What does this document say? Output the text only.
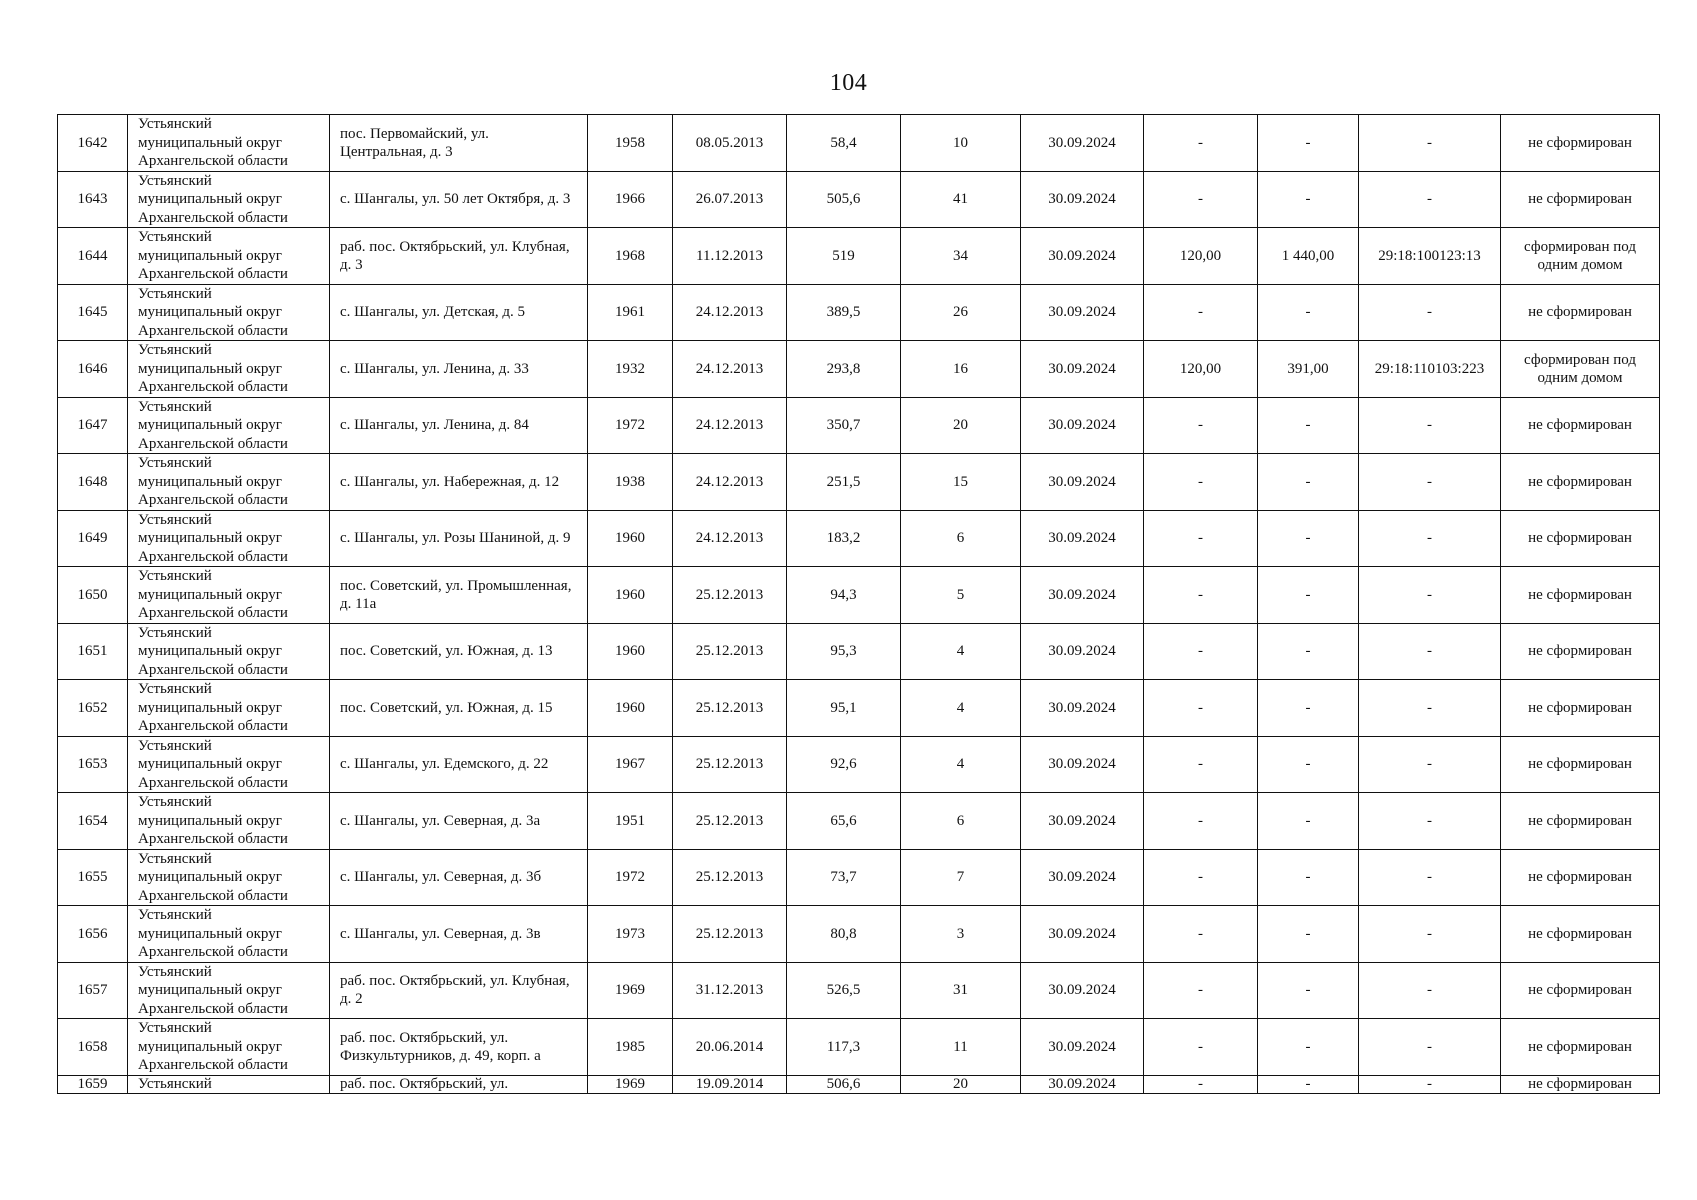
104
1642	Устьянский муниципальный округ Архангельской области	пос. Первомайский, ул. Центральная, д. 3	1958	08.05.2013	58,4	10	30.09.2024	-	-	-	не сформирован
1643	Устьянский муниципальный округ Архангельской области	с. Шангалы, ул. 50 лет Октября, д. 3	1966	26.07.2013	505,6	41	30.09.2024	-	-	-	не сформирован
1644	Устьянский муниципальный округ Архангельской области	раб. пос. Октябрьский, ул. Клубная, д. 3	1968	11.12.2013	519	34	30.09.2024	120,00	1 440,00	29:18:100123:13	сформирован под одним домом
1645	Устьянский муниципальный округ Архангельской области	с. Шангалы, ул. Детская, д. 5	1961	24.12.2013	389,5	26	30.09.2024	-	-	-	не сформирован
1646	Устьянский муниципальный округ Архангельской области	с. Шангалы, ул. Ленина, д. 33	1932	24.12.2013	293,8	16	30.09.2024	120,00	391,00	29:18:110103:223	сформирован под одним домом
1647	Устьянский муниципальный округ Архангельской области	с. Шангалы, ул. Ленина, д. 84	1972	24.12.2013	350,7	20	30.09.2024	-	-	-	не сформирован
1648	Устьянский муниципальный округ Архангельской области	с. Шангалы, ул. Набережная, д. 12	1938	24.12.2013	251,5	15	30.09.2024	-	-	-	не сформирован
1649	Устьянский муниципальный округ Архангельской области	с. Шангалы, ул. Розы Шаниной, д. 9	1960	24.12.2013	183,2	6	30.09.2024	-	-	-	не сформирован
1650	Устьянский муниципальный округ Архангельской области	пос. Советский, ул. Промышленная, д. 11а	1960	25.12.2013	94,3	5	30.09.2024	-	-	-	не сформирован
1651	Устьянский муниципальный округ Архангельской области	пос. Советский, ул. Южная, д. 13	1960	25.12.2013	95,3	4	30.09.2024	-	-	-	не сформирован
1652	Устьянский муниципальный округ Архангельской области	пос. Советский, ул. Южная, д. 15	1960	25.12.2013	95,1	4	30.09.2024	-	-	-	не сформирован
1653	Устьянский муниципальный округ Архангельской области	с. Шангалы, ул. Едемского, д. 22	1967	25.12.2013	92,6	4	30.09.2024	-	-	-	не сформирован
1654	Устьянский муниципальный округ Архангельской области	с. Шангалы, ул. Северная, д. 3а	1951	25.12.2013	65,6	6	30.09.2024	-	-	-	не сформирован
1655	Устьянский муниципальный округ Архангельской области	с. Шангалы, ул. Северная, д. 3б	1972	25.12.2013	73,7	7	30.09.2024	-	-	-	не сформирован
1656	Устьянский муниципальный округ Архангельской области	с. Шангалы, ул. Северная, д. 3в	1973	25.12.2013	80,8	3	30.09.2024	-	-	-	не сформирован
1657	Устьянский муниципальный округ Архангельской области	раб. пос. Октябрьский, ул. Клубная, д. 2	1969	31.12.2013	526,5	31	30.09.2024	-	-	-	не сформирован
1658	Устьянский муниципальный округ Архангельской области	раб. пос. Октябрьский, ул. Физкультурников, д. 49, корп. а	1985	20.06.2014	117,3	11	30.09.2024	-	-	-	не сформирован
1659	Устьянский	раб. пос. Октябрьский, ул.	1969	19.09.2014	506,6	20	30.09.2024	-	-	-	не сформирован
